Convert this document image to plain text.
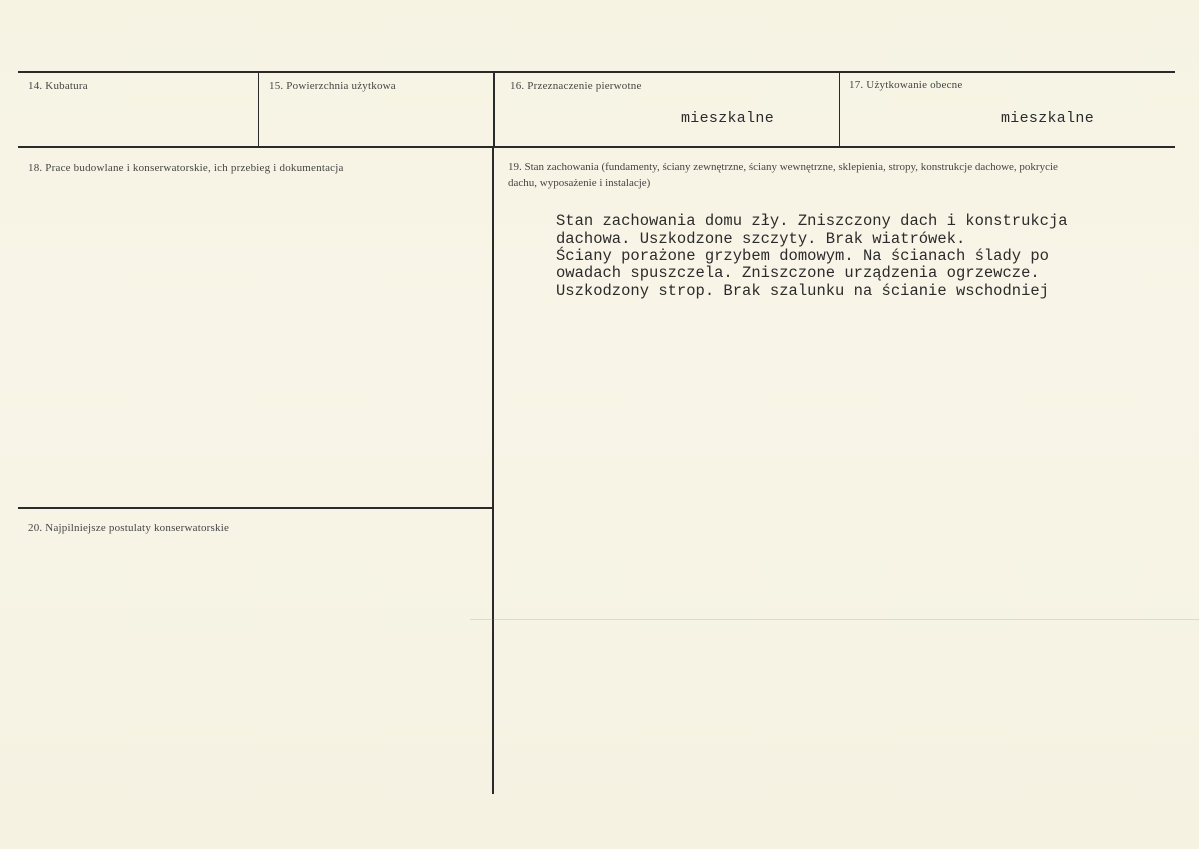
14. Kubatura	15. Powierzchnia użytkowa	16. Przeznaczenie pierwotne
mieszkalne
17. Użytkowanie obecne
mieszkalne
18. Prace budowlane i konserwatorskie, ich przebieg i dokumentacja	19. Stan zachowania (fundamenty, ściany zewnętrzne, ściany wewnętrzne, sklepienia, stropy, konstrukcje dachowe, pokrycie dachu, wyposażenie i instalacje)
Stan zachowania domu zły. Zniszczony dach i konstrukcja
dachowa. Uszkodzone szczyty. Brak wiatrówek.
Ściany porażone grzybem domowym. Na ścianach ślady po
owadach spuszczela. Zniszczone urządzenia ogrzewcze.
Uszkodzony strop. Brak szalunku na ścianie wschodniej
20. Najpilniejsze postulaty konserwatorskie
